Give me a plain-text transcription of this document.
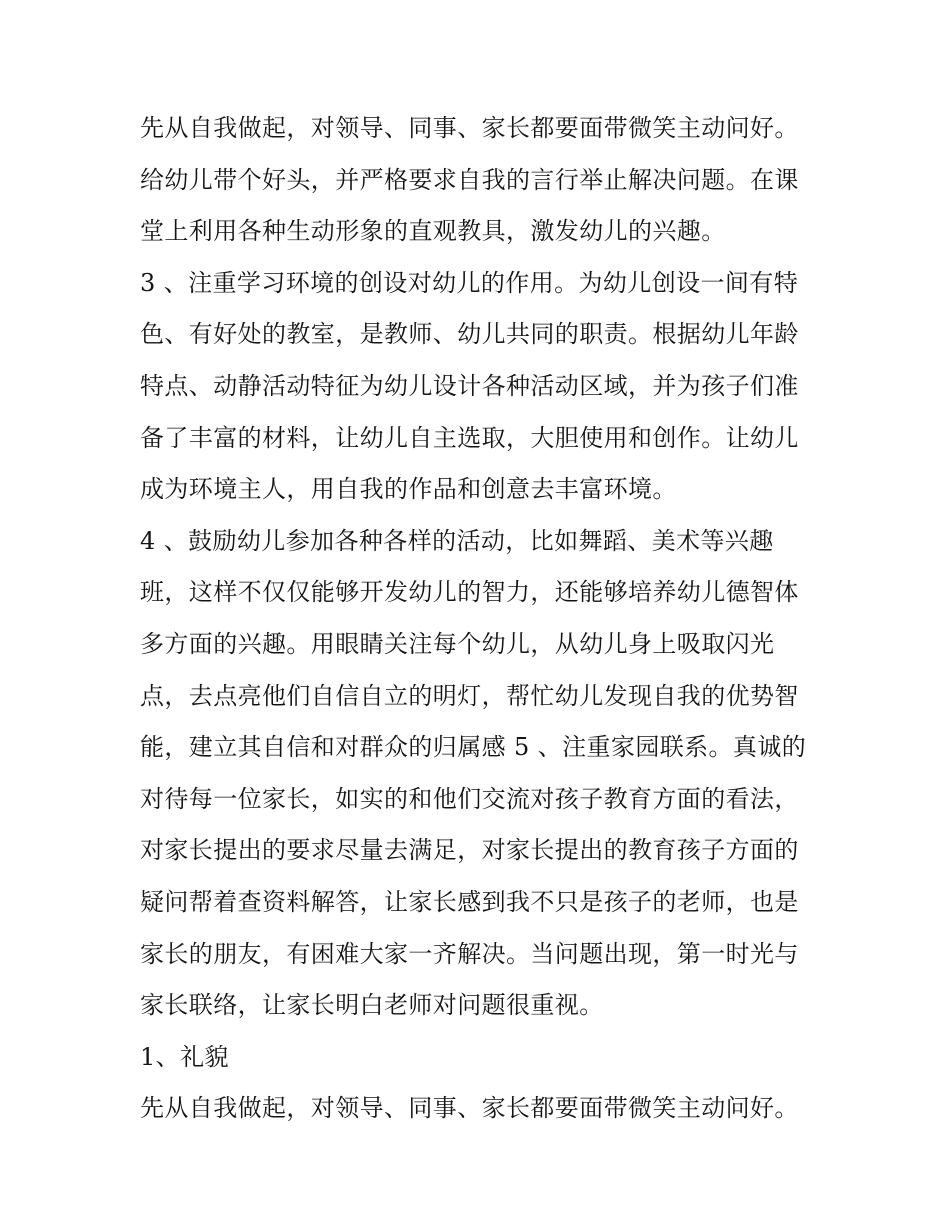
先从自我做起，对领导、同事、家长都要面带微笑主动问好。
给幼儿带个好头，并严格要求自我的言行举止解决问题。在课
堂上利用各种生动形象的直观教具，激发幼儿的兴趣。
3 、注重学习环境的创设对幼儿的作用。为幼儿创设一间有特
色、有好处的教室，是教师、幼儿共同的职责。根据幼儿年龄
特点、动静活动特征为幼儿设计各种活动区域，并为孩子们准
备了丰富的材料，让幼儿自主选取，大胆使用和创作。让幼儿
成为环境主人，用自我的作品和创意去丰富环境。
4 、鼓励幼儿参加各种各样的活动，比如舞蹈、美术等兴趣
班，这样不仅仅能够开发幼儿的智力，还能够培养幼儿德智体
多方面的兴趣。用眼睛关注每个幼儿，从幼儿身上吸取闪光
点，去点亮他们自信自立的明灯，帮忙幼儿发现自我的优势智
能，建立其自信和对群众的归属感 5 、注重家园联系。真诚的
对待每一位家长，如实的和他们交流对孩子教育方面的看法，
对家长提出的要求尽量去满足，对家长提出的教育孩子方面的
疑问帮着查资料解答，让家长感到我不只是孩子的老师，也是
家长的朋友，有困难大家一齐解决。当问题出现，第一时光与
家长联络，让家长明白老师对问题很重视。
1、礼貌
先从自我做起，对领导、同事、家长都要面带微笑主动问好。
